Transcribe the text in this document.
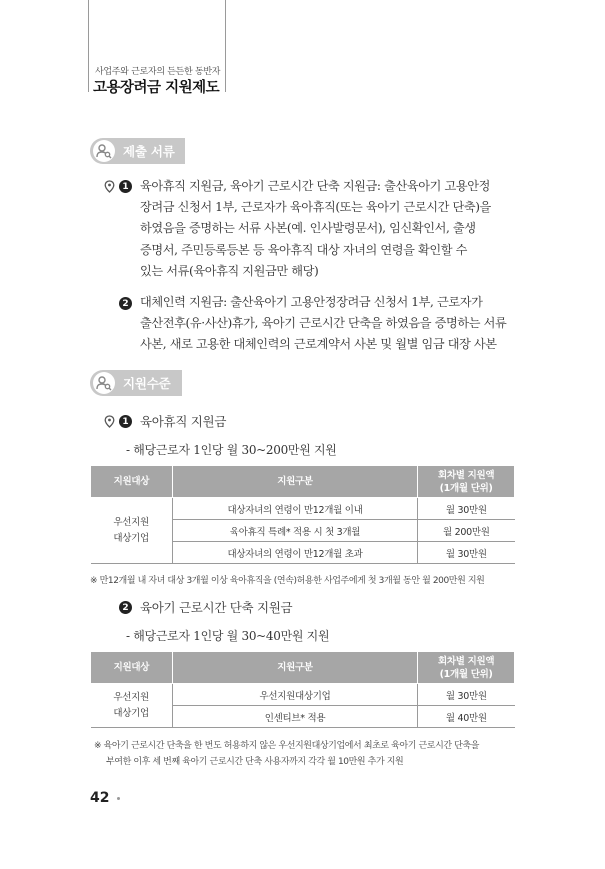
사업주와 근로자의 든든한 동반자
고용장려금 지원제도
제출 서류
1 육아휴직 지원금, 육아기 근로시간 단축 지원금: 출산육아기 고용안정
장려금 신청서 1부, 근로자가 육아휴직(또는 육아기 근로시간 단축)을
하였음을 증명하는 서류 사본(예. 인사발령문서), 임신확인서, 출생
증명서, 주민등록등본 등 육아휴직 대상 자녀의 연령을 확인할 수
있는 서류(육아휴직 지원금만 해당)
2 대체인력 지원금: 출산육아기 고용안정장려금 신청서 1부, 근로자가
출산전후(유·사산)휴가, 육아기 근로시간 단축을 하였음을 증명하는 서류
사본, 새로 고용한 대체인력의 근로계약서 사본 및 월별 임금 대장 사본
지원수준
1 육아휴직 지원금
- 해당근로자 1인당 월 30~200만원 지원
지원대상	지원구분	회차별 지원액
(1개월 단위)
우선지원
대상기업	대상자녀의 연령이 만12개월 이내	월 30만원
	육아휴직 특례* 적용 시 첫 3개월	월 200만원
	대상자녀의 연령이 만12개월 초과	월 30만원
※ 만12개월 내 자녀 대상 3개월 이상 육아휴직을 (연속)허용한 사업주에게 첫 3개월 동안 월 200만원 지원
2 육아기 근로시간 단축 지원금
- 해당근로자 1인당 월 30~40만원 지원
지원대상	지원구분	회차별 지원액
(1개월 단위)
우선지원
대상기업	우선지원대상기업	월 30만원
	인센티브* 적용	월 40만원
※ 육아기 근로시간 단축을 한 번도 허용하지 않은 우선지원대상기업에서 최초로 육아기 근로시간 단축을
부여한 이후 세 번째 육아기 근로시간 단축 사용자까지 각각 월 10만원 추가 지원
42
